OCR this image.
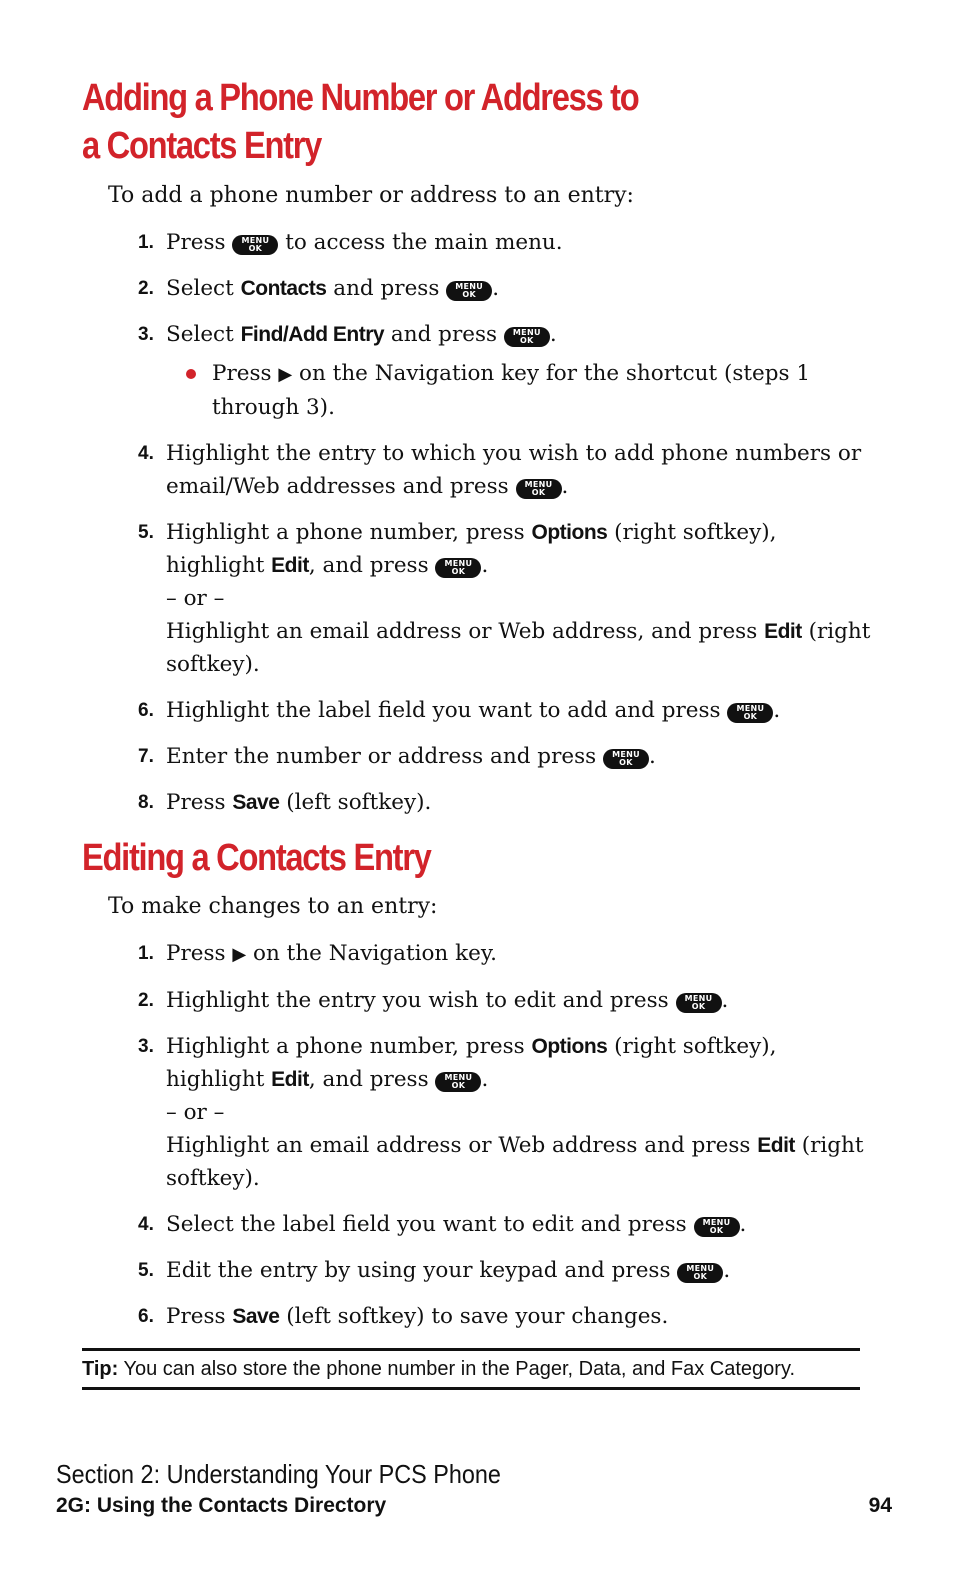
Adding a Phone Number or Address to
a Contacts Entry
To add a phone number or address to an entry:
1. Press	MENU
OK to access the main menu.
2. Select Contacts and press	MENU
OK .
3. Select Find/Add Entry and press	MENU
OK .
Press ▶ on the Navigation key for the shortcut (steps 1 through 3).
4. Highlight the entry to which you wish to add phone numbers or email/Web addresses and press	MENU
OK .
5. Highlight a phone number, press Options (right softkey), highlight Edit, and press	MENU
OK .
– or –
Highlight an email address or Web address, and press Edit (right softkey).
6. Highlight the label field you want to add and press	MENU
OK .
7. Enter the number or address and press	MENU
OK .
8. Press Save (left softkey).
Editing a Contacts Entry
To make changes to an entry:
1. Press ▶ on the Navigation key.
2. Highlight the entry you wish to edit and press	MENU
OK .
3. Highlight a phone number, press Options (right softkey), highlight Edit, and press	MENU
OK .
– or –
Highlight an email address or Web address and press Edit (right softkey).
4. Select the label field you want to edit and press	MENU
OK .
5. Edit the entry by using your keypad and press	MENU
OK .
6. Press Save (left softkey) to save your changes.
Tip: You can also store the phone number in the Pager, Data, and Fax Category.
Section 2: Understanding Your PCS Phone
2G: Using the Contacts Directory	94
